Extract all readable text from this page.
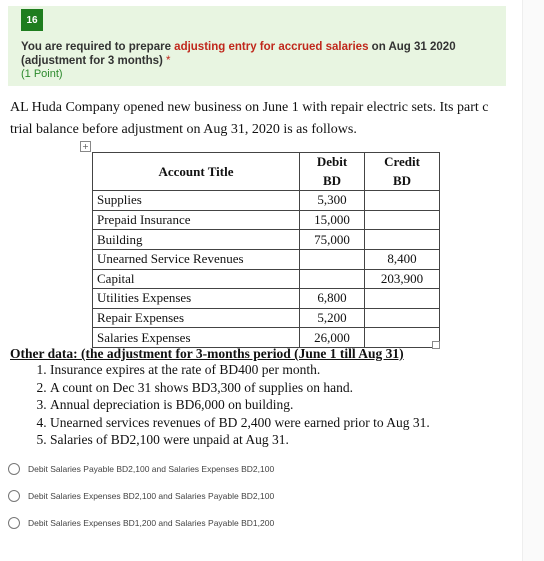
16
You are required to prepare adjusting entry for accrued salaries on Aug 31 2020 (adjustment for 3 months) *
(1 Point)
AL Huda Company opened new business on June 1 with repair electric sets. Its part c
trial balance before adjustment on Aug 31, 2020 is as follows.
+
Account Title	Debit	Credit
	BD	BD
Supplies	5,300	
Prepaid Insurance	15,000	
Building	75,000	
Unearned Service Revenues		8,400
Capital		203,900
Utilities Expenses	6,800	
Repair Expenses	5,200	
Salaries Expenses	26,000	
Other data: (the adjustment for 3-months period (June 1 till Aug 31)
1. Insurance expires at the rate of BD400 per month.
2. A count on Dec 31 shows BD3,300 of supplies on hand.
3. Annual depreciation is BD6,000 on building.
4. Unearned services revenues of BD 2,400 were earned prior to Aug 31.
5. Salaries of BD2,100 were unpaid at Aug 31.
Debit Salaries Payable BD2,100 and Salaries Expenses BD2,100
Debit Salaries Expenses BD2,100 and Salaries Payable BD2,100
Debit Salaries Expenses BD1,200 and Salaries Payable BD1,200
